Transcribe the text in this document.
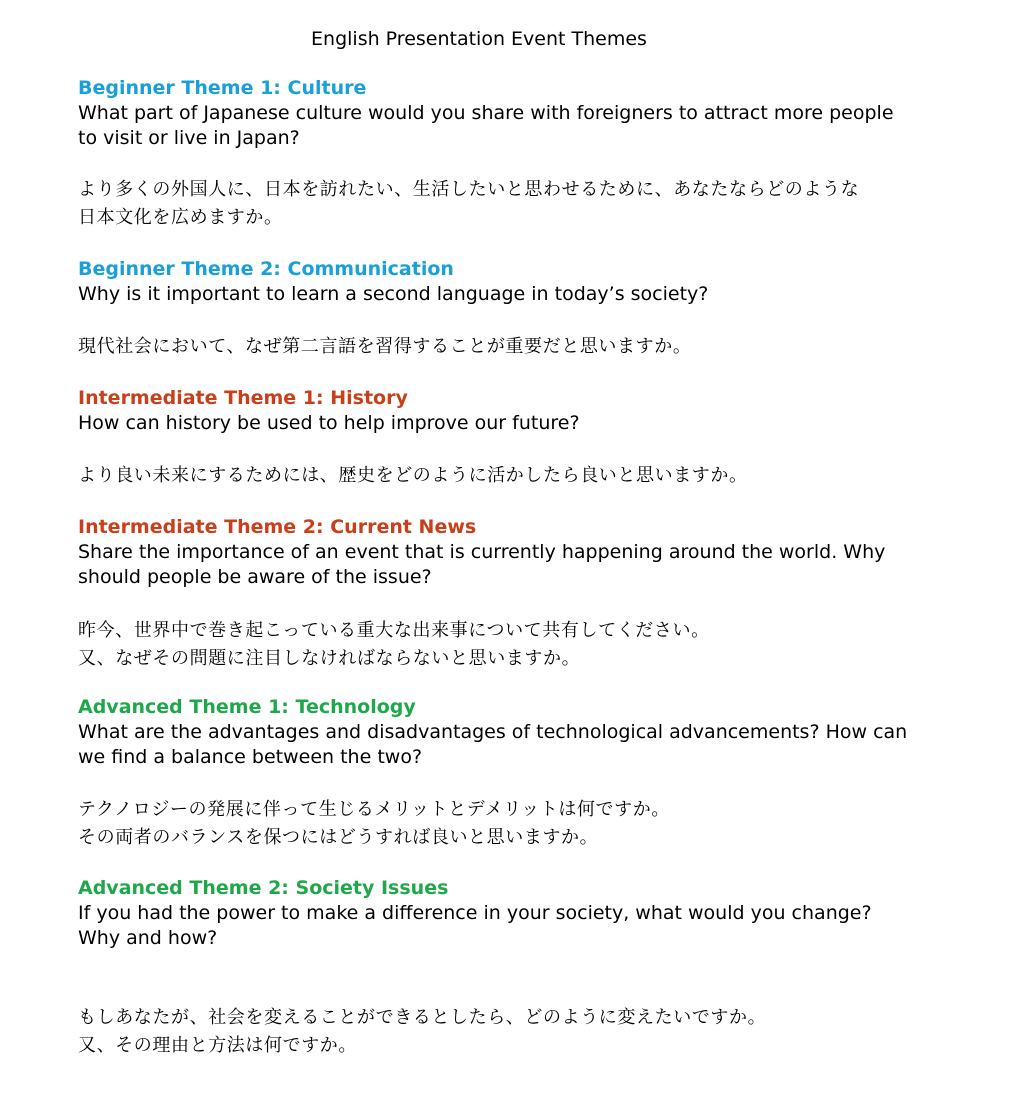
English Presentation Event Themes
Beginner Theme 1: Culture
What part of Japanese culture would you share with foreigners to attract more people
to visit or live in Japan?
より多くの外国人に、日本を訪れたい、生活したいと思わせるために、あなたならどのような
日本文化を広めますか。
Beginner Theme 2: Communication
Why is it important to learn a second language in today’s society?
現代社会において、なぜ第二言語を習得することが重要だと思いますか。
Intermediate Theme 1: History
How can history be used to help improve our future?
より良い未来にするためには、歴史をどのように活かしたら良いと思いますか。
Intermediate Theme 2: Current News
Share the importance of an event that is currently happening around the world. Why
should people be aware of the issue?
昨今、世界中で巻き起こっている重大な出来事について共有してください。
又、なぜその問題に注目しなければならないと思いますか。
Advanced Theme 1: Technology
What are the advantages and disadvantages of technological advancements? How can
we find a balance between the two?
テクノロジーの発展に伴って生じるメリットとデメリットは何ですか。
その両者のバランスを保つにはどうすれば良いと思いますか。
Advanced Theme 2: Society Issues
If you had the power to make a difference in your society, what would you change?
Why and how?
もしあなたが、社会を変えることができるとしたら、どのように変えたいですか。
又、その理由と方法は何ですか。
